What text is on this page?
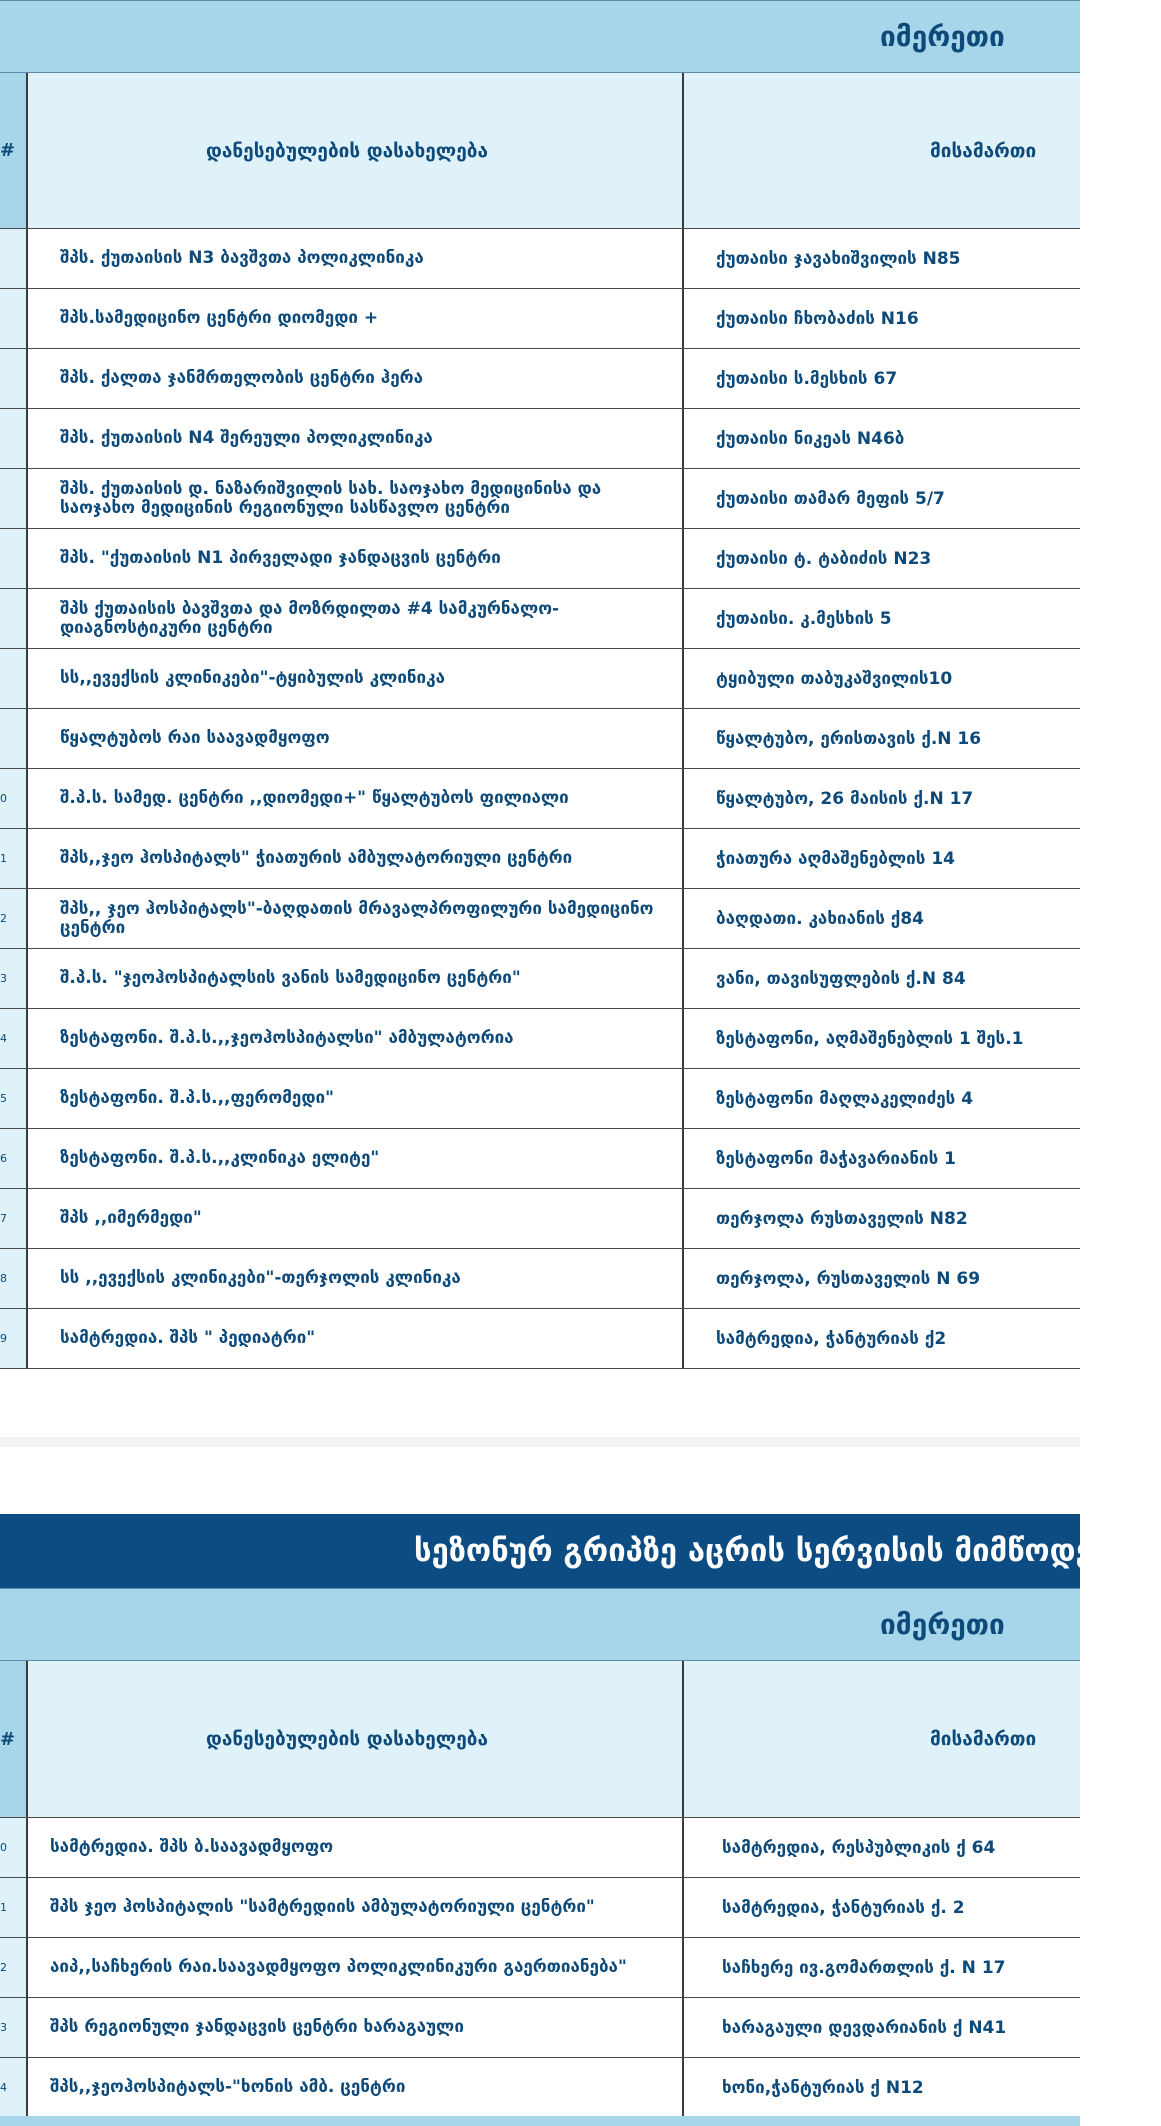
იმერეთი
#	დანესებულების დასახელება	მისამართი
შპს. ქუთაისის N3 ბავშვთა პოლიკლინიკა	ქუთაისი ჯავახიშვილის N85
შპს.სამედიცინო ცენტრი დიომედი +	ქუთაისი ჩხობაძის N16
შპს. ქალთა ჯანმრთელობის ცენტრი ჰერა	ქუთაისი ს.მესხის 67
შპს. ქუთაისის N4 შერეული პოლიკლინიკა	ქუთაისი ნიკეას N46ბ
შპს. ქუთაისის დ. ნაზარიშვილის სახ. საოჯახო მედიცინისა და საოჯახო მედიცინის რეგიონული სასწავლო ცენტრი	ქუთაისი თამარ მეფის 5/7
შპს. "ქუთაისის N1 პირველადი ჯანდაცვის ცენტრი	ქუთაისი ტ. ტაბიძის N23
შპს ქუთაისის ბავშვთა და მოზრდილთა #4 სამკურნალო-დიაგნოსტიკური ცენტრი	ქუთაისი. კ.მესხის 5
სს,,ევექსის კლინიკები"-ტყიბულის კლინიკა	ტყიბული თაბუკაშვილის10
წყალტუბოს რაი საავადმყოფო	წყალტუბო, ერისთავის ქ.N 16
0	შ.პ.ს. სამედ. ცენტრი ,,დიომედი+" წყალტუბოს ფილიალი	წყალტუბო, 26 მაისის ქ.N 17
1	შპს,,ჯეო ჰოსპიტალს" ჭიათურის ამბულატორიული ცენტრი	ჭიათურა აღმაშენებლის 14
2	შპს,, ჯეო ჰოსპიტალს"-ბაღდათის მრავალპროფილური სამედიცინო ცენტრი	ბაღდათი. კახიანის ქ84
3	შ.პ.ს. "ჯეოჰოსპიტალსის ვანის სამედიცინო ცენტრი"	ვანი, თავისუფლების ქ.N 84
4	ზესტაფონი. შ.პ.ს.,,ჯეოჰოსპიტალსი" ამბულატორია	ზესტაფონი, აღმაშენებლის 1 შეს.1
5	ზესტაფონი. შ.პ.ს.,,ფერომედი"	ზესტაფონი მაღლაკელიძეს 4
6	ზესტაფონი. შ.პ.ს.,,კლინიკა ელიტე"	ზესტაფონი მაჭავარიანის 1
7	შპს ,,იმერმედი"	თერჯოლა რუსთაველის N82
8	სს ,,ევექსის კლინიკები"-თერჯოლის კლინიკა	თერჯოლა, რუსთაველის N 69
9	სამტრედია. შპს " პედიატრი"	სამტრედია, ჭანტურიას ქ2
სეზონურ გრიპზე აცრის სერვისის მიმწოდებელ
იმერეთი
#	დანესებულების დასახელება	მისამართი
0	სამტრედია. შპს ბ.საავადმყოფო	სამტრედია, რესპუბლიკის ქ 64
1	შპს ჯეო ჰოსპიტალის "სამტრედიის ამბულატორიული ცენტრი"	სამტრედია, ჭანტურიას ქ. 2
2	აიპ,,საჩხერის რაი.საავადმყოფო პოლიკლინიკური გაერთიანება"	საჩხერე ივ.გომართლის ქ. N 17
3	შპს რეგიონული ჯანდაცვის ცენტრი ხარაგაული	ხარაგაული დევდარიანის ქ N41
4	შპს,,ჯეოჰოსპიტალს-"ხონის ამბ. ცენტრი	ხონი,ჭანტურიას ქ N12
